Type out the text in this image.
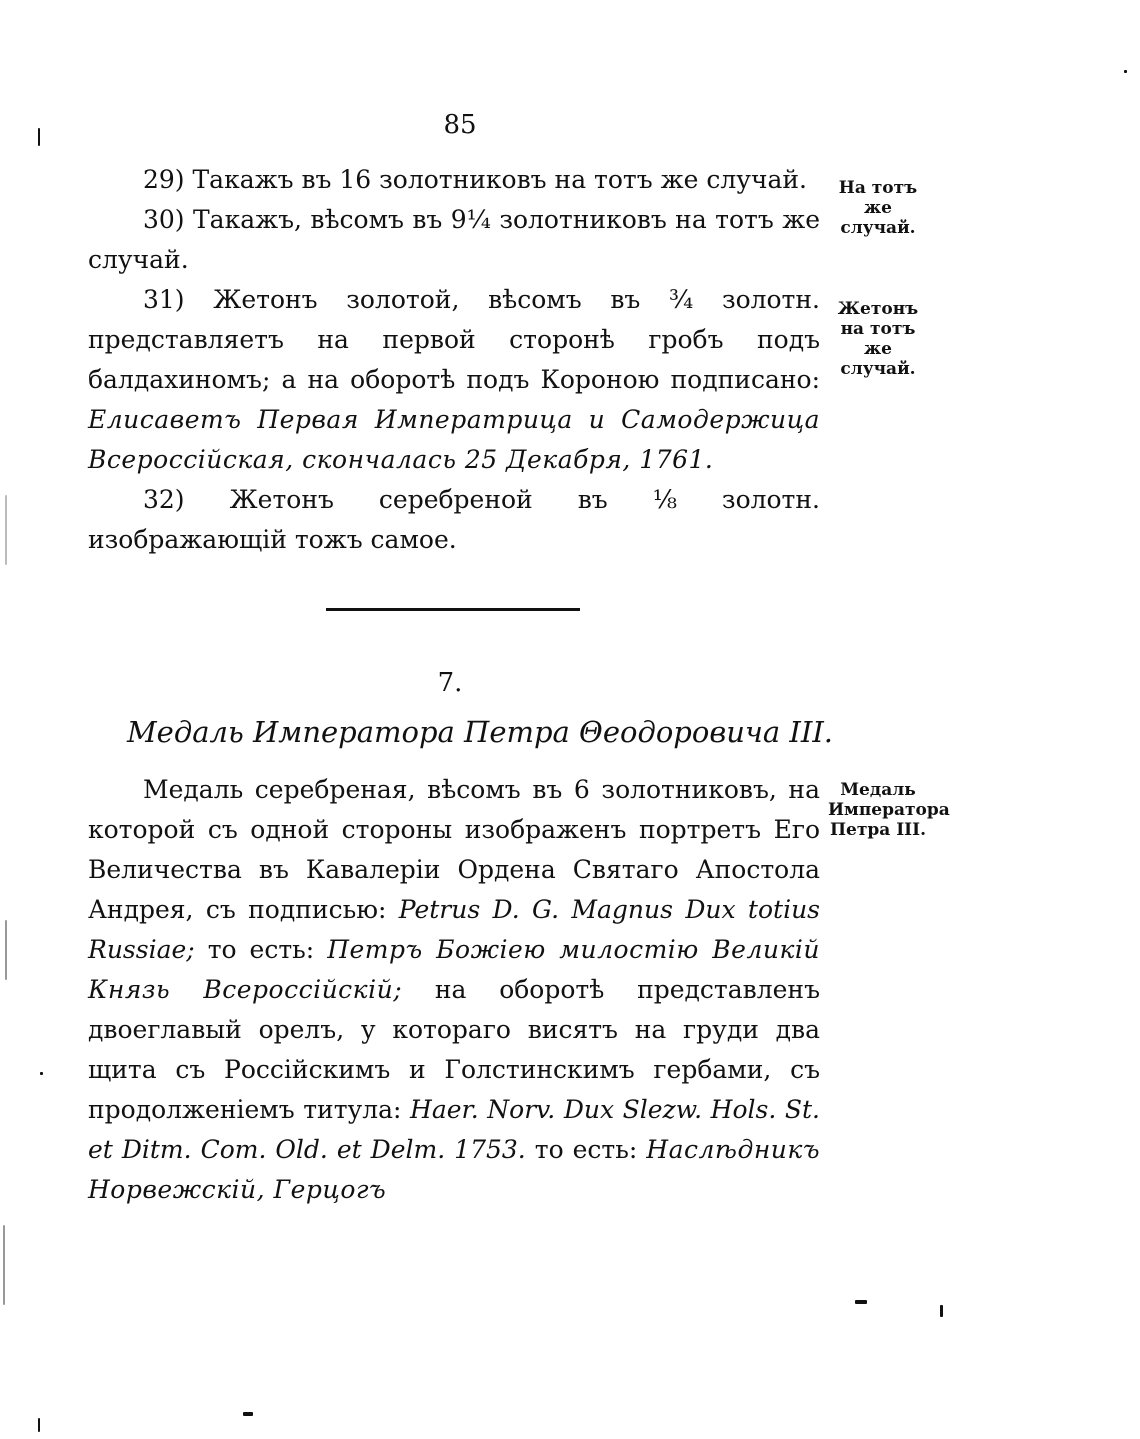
85

29) Такажъ въ 16 золотниковъ на тотъ же случай.

30) Такажъ, вѣсомъ въ 9¼ золотниковъ на тотъ же случай.

31) Жетонъ золотой, вѣсомъ въ ¾ золотн. представляетъ на первой сторонѣ гробъ подъ балдахиномъ; а на оборотѣ подъ Короною подписано: Елисаветъ Первая Императрица и Самодержица Всероссійская, скончалась 25 Декабря, 1761.

32) Жетонъ серебреной въ ⅛ золотн. изображающій тожъ самое.

На тотъ же случай.
Жетонъ на тотъ же случай.
7.
Медаль Императора Петра Θеодоровича III.

Медаль серебреная, вѣсомъ въ 6 золотниковъ, на которой съ одной стороны изображенъ портретъ Его Величества въ Кавалеріи Ордена Святаго Апостола Андрея, съ подписью: Petrus D. G. Magnus Dux totius Russiae; то есть: Петръ Божіею милостію Великій Князь Всероссійскій; на оборотѣ представленъ двоеглавый орелъ, у котораго висятъ на груди два щита съ Россійскимъ и Голстинскимъ гербами, съ продолженіемъ титула: Haer. Norv. Dux Slezw. Hols. St. et Ditm. Com. Old. et Delm. 1753. то есть: Наслѣдникъ Норвежскій, Герцогъ

Медаль Императора Петра III.
